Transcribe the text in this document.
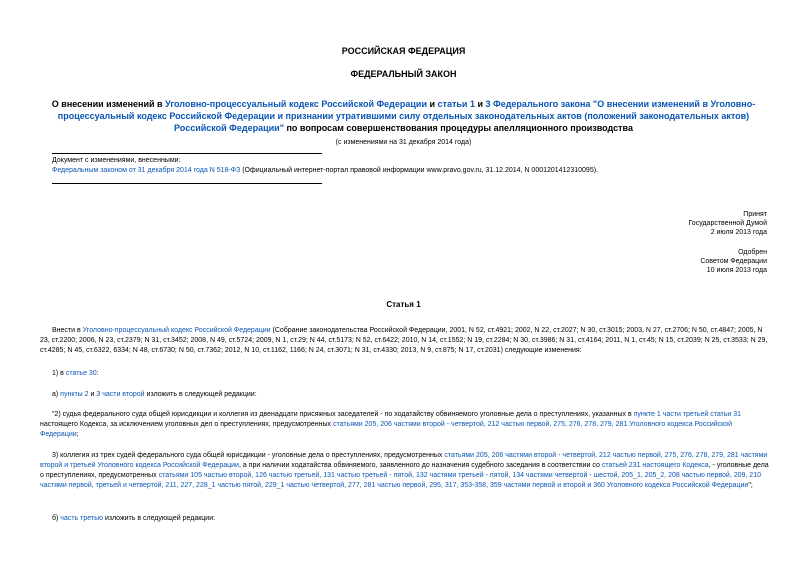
РОССИЙСКАЯ ФЕДЕРАЦИЯ
ФЕДЕРАЛЬНЫЙ ЗАКОН
О внесении изменений в Уголовно-процессуальный кодекс Российской Федерации и статьи 1 и 3 Федерального закона "О внесении изменений в Уголовно-процессуальный кодекс Российской Федерации и признании утратившими силу отдельных законодательных актов (положений законодательных актов) Российской Федерации" по вопросам совершенствования процедуры апелляционного производства
(с изменениями на 31 декабря 2014 года)
Документ с изменениями, внесенными:
Федеральным законом от 31 декабря 2014 года N 518-ФЗ (Официальный интернет-портал правовой информации www.pravo.gov.ru, 31.12.2014, N 0001201412310095).
Принят
Государственной Думой
2 июля 2013 года
Одобрен
Советом Федерации
10 июля 2013 года
Статья 1
Внести в Уголовно-процессуальный кодекс Российской Федерации (Собрание законодательства Российской Федерации, 2001, N 52, ст.4921; 2002, N 22, ст.2027; N 30, ст.3015; 2003, N 27, ст.2706; N 50, ст.4847; 2005, N 23, ст.2200; 2006, N 23, ст.2379; N 31, ст.3452; 2008, N 49, ст.5724; 2009, N 1, ст.29; N 44, ст.5173; N 52, ст.6422; 2010, N 14, ст.1552; N 19, ст.2284; N 30, ст.3986; N 31, ст.4164; 2011, N 1, ст.45; N 15, ст.2039; N 25, ст.3533; N 29, ст.4285; N 45, ст.6322, 6334; N 48, ст.6730; N 50, ст.7362; 2012, N 10, ст.1162, 1166; N 24, ст.3071; N 31, ст.4330; 2013, N 9, ст.875; N 17, ст.2031) следующие изменения:
1) в статье 30:
а) пункты 2 и 3 части второй изложить в следующей редакции:
"2) судья федерального суда общей юрисдикции и коллегия из двенадцати присяжных заседателей - по ходатайству обвиняемого уголовные дела о преступлениях, указанных в пункте 1 части третьей статьи 31 настоящего Кодекса, за исключением уголовных дел о преступлениях, предусмотренных статьями 205, 206 частями второй - четвертой, 212 частью первой, 275, 276, 278, 279, 281 Уголовного кодекса Российской Федерации;
3) коллегия из трех судей федерального суда общей юрисдикции - уголовные дела о преступлениях, предусмотренных статьями 205, 206 частями второй - четвертой, 212 частью первой, 275, 276, 278, 279, 281 частями второй и третьей Уголовного кодекса Российской Федерации, а при наличии ходатайства обвиняемого, заявленного до назначения судебного заседания в соответствии со статьей 231 настоящего Кодекса, - уголовные дела о преступлениях, предусмотренных статьями 105 частью второй, 126 частью третьей, 131 частью третьей - пятой, 132 частями третьей - пятой, 134 частями четвертой - шестой, 205_1, 205_2, 208 частью первой, 209, 210 частями первой, третьей и четвертой, 211, 227, 228_1 частью пятой, 229_1 частью четвертой, 277, 281 частью первой, 295, 317, 353-358, 359 частями первой и второй и 360 Уголовного кодекса Российской Федерации";
б) часть третью изложить в следующей редакции:
